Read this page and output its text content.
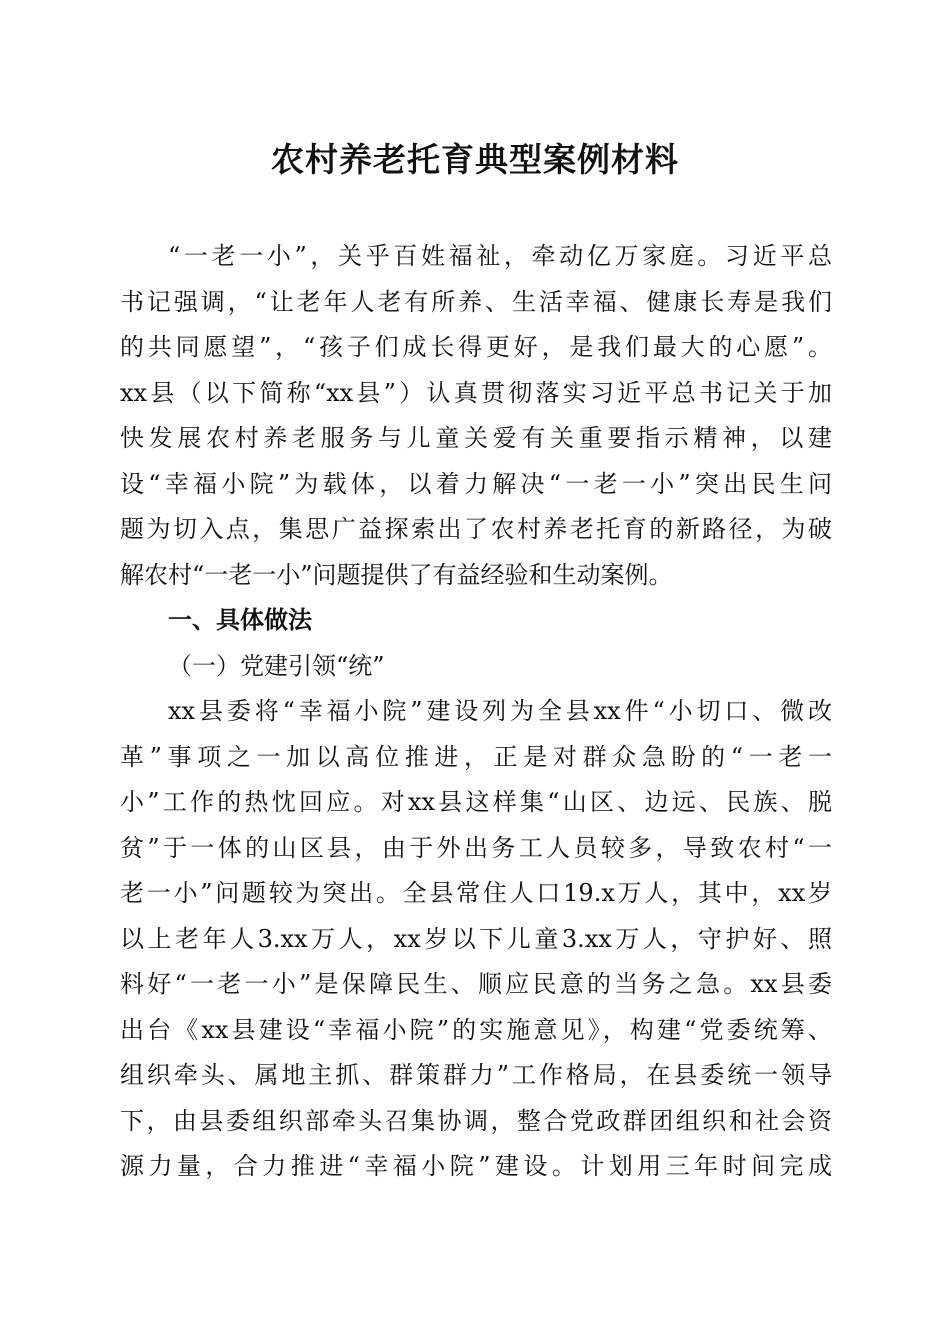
农村养老托育典型案例材料
“一老一小”，关乎百姓福祉，牵动亿万家庭。习近平总
书记强调，“让老年人老有所养、生活幸福、健康长寿是我们
的共同愿望”，“孩子们成长得更好，是我们最大的心愿”。
xx县（以下简称“xx县”）认真贯彻落实习近平总书记关于加
快发展农村养老服务与儿童关爱有关重要指示精神，以建
设“幸福小院”为载体，以着力解决“一老一小”突出民生问
题为切入点，集思广益探索出了农村养老托育的新路径，为破
解农村“一老一小”问题提供了有益经验和生动案例。
一、具体做法
（一）党建引领“统”
xx县委将“幸福小院”建设列为全县xx件“小切口、微改
革”事项之一加以高位推进，正是对群众急盼的“一老一
小”工作的热忱回应。对xx县这样集“山区、边远、民族、脱
贫”于一体的山区县，由于外出务工人员较多，导致农村“一
老一小”问题较为突出。全县常住人口19.x万人，其中，xx岁
以上老年人3.xx万人，xx岁以下儿童3.xx万人，守护好、照
料好“一老一小”是保障民生、顺应民意的当务之急。xx县委
出台《xx县建设“幸福小院”的实施意见》，构建“党委统筹、
组织牵头、属地主抓、群策群力”工作格局，在县委统一领导
下，由县委组织部牵头召集协调，整合党政群团组织和社会资
源力量，合力推进“幸福小院”建设。计划用三年时间完成
